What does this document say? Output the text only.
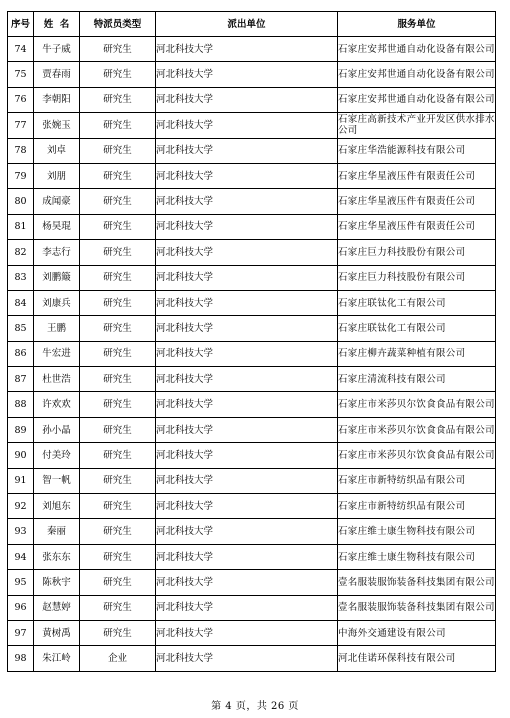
序号	姓  名	特派员类型	派出单位	服务单位
74	牛子威	研究生	河北科技大学	石家庄安邦世通自动化设备有限公司
75	贾春雨	研究生	河北科技大学	石家庄安邦世通自动化设备有限公司
76	李朝阳	研究生	河北科技大学	石家庄安邦世通自动化设备有限公司
77	张婉玉	研究生	河北科技大学	石家庄高新技术产业开发区供水排水公司
78	刘卓	研究生	河北科技大学	石家庄华浩能源科技有限公司
79	刘朋	研究生	河北科技大学	石家庄华星液压件有限责任公司
80	成闻豪	研究生	河北科技大学	石家庄华星液压件有限责任公司
81	杨昊琨	研究生	河北科技大学	石家庄华星液压件有限责任公司
82	李志行	研究生	河北科技大学	石家庄巨力科技股份有限公司
83	刘鹏簸	研究生	河北科技大学	石家庄巨力科技股份有限公司
84	刘康兵	研究生	河北科技大学	石家庄联钛化工有限公司
85	王鹏	研究生	河北科技大学	石家庄联钛化工有限公司
86	牛宏进	研究生	河北科技大学	石家庄柳卉蔬菜种植有限公司
87	杜世浩	研究生	河北科技大学	石家庄清流科技有限公司
88	许欢欢	研究生	河北科技大学	石家庄市米莎贝尔饮食食品有限公司
89	孙小晶	研究生	河北科技大学	石家庄市米莎贝尔饮食食品有限公司
90	付美玲	研究生	河北科技大学	石家庄市米莎贝尔饮食食品有限公司
91	智一帆	研究生	河北科技大学	石家庄市新特纺织品有限公司
92	刘旭东	研究生	河北科技大学	石家庄市新特纺织品有限公司
93	秦丽	研究生	河北科技大学	石家庄维士康生物科技有限公司
94	张东东	研究生	河北科技大学	石家庄维士康生物科技有限公司
95	陈秋宇	研究生	河北科技大学	壹名服装服饰装备科技集团有限公司
96	赵慧婷	研究生	河北科技大学	壹名服装服饰装备科技集团有限公司
97	黄树禹	研究生	河北科技大学	中海外交通建设有限公司
98	朱江岭	企业	河北科技大学	河北佳诺环保科技有限公司
第 4 页，共 26 页
